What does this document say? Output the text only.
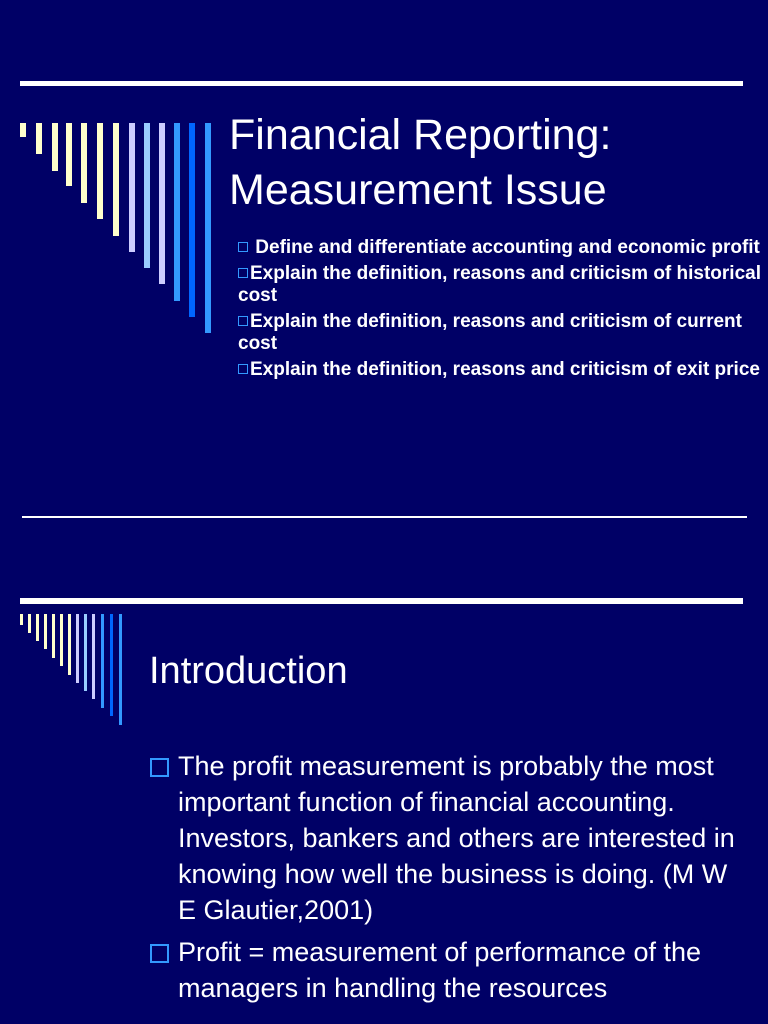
Financial Reporting: Measurement Issue
Define and differentiate accounting and economic profit
Explain the definition, reasons and criticism of historical cost
Explain the definition, reasons and criticism of current cost
Explain the definition, reasons and criticism of exit price
Introduction
The profit measurement is probably the most important function of financial accounting. Investors, bankers and others are interested in knowing how well the business is doing. (M W E Glautier,2001)
Profit = measurement of performance of the managers in handling the resources
